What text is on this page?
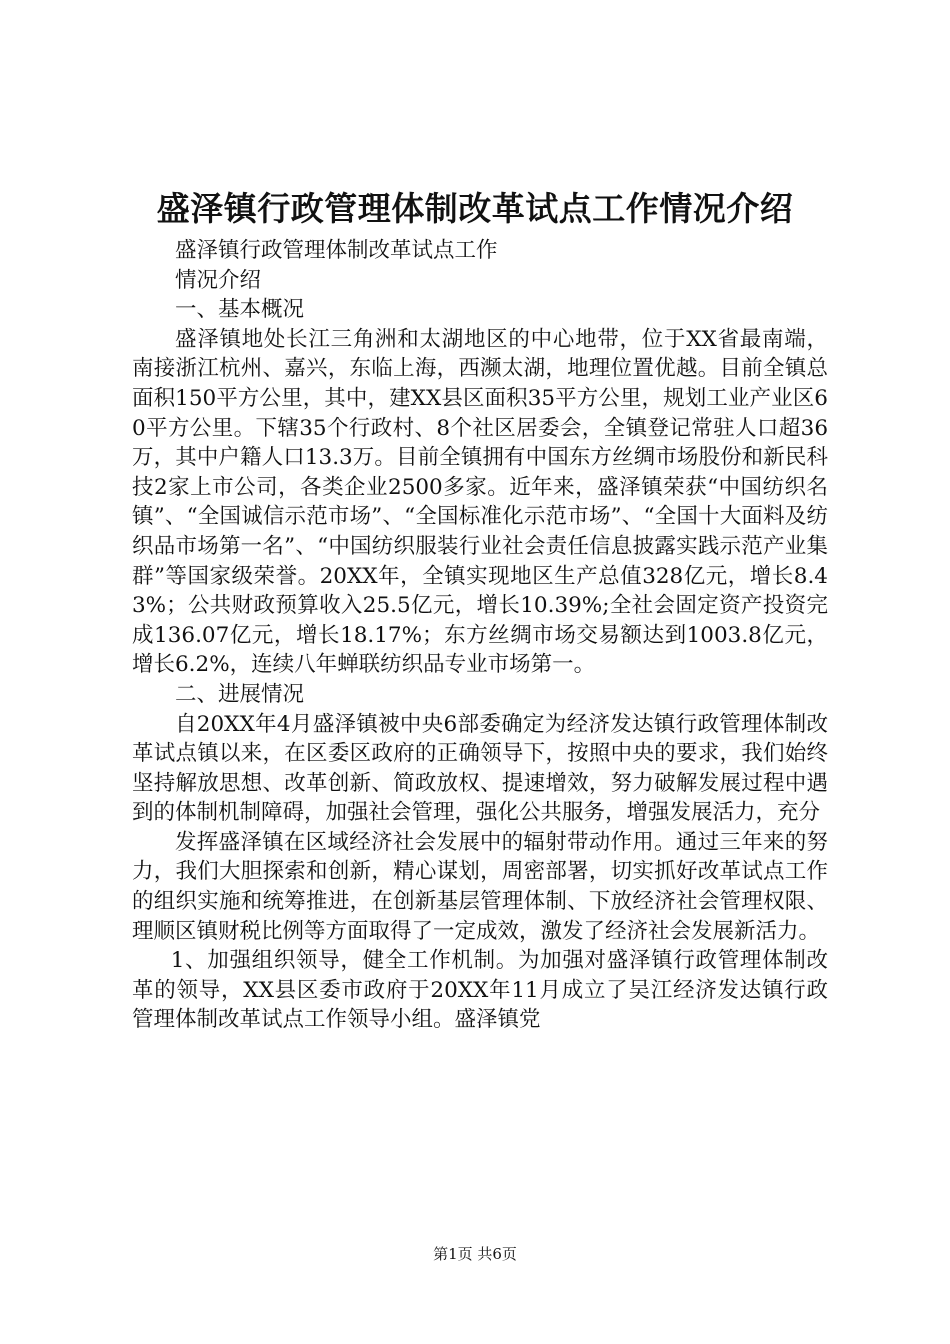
盛泽镇行政管理体制改革试点工作情况介绍

盛泽镇行政管理体制改革试点工作

情况介绍

一、基本概况

盛泽镇地处长江三角洲和太湖地区的中心地带，位于XX省最南端，南接浙江杭州、嘉兴，东临上海，西濒太湖，地理位置优越。目前全镇总面积150平方公里，其中，建XX县区面积35平方公里，规划工业产业区60平方公里。下辖35个行政村、8个社区居委会，全镇登记常驻人口超36万，其中户籍人口13.3万。目前全镇拥有中国东方丝绸市场股份和新民科技2家上市公司，各类企业2500多家。近年来，盛泽镇荣获“中国纺织名镇”、“全国诚信示范市场”、“全国标准化示范市场”、“全国十大面料及纺织品市场第一名”、“中国纺织服装行业社会责任信息披露实践示范产业集群”等国家级荣誉。20XX年，全镇实现地区生产总值328亿元，增长8.43%；公共财政预算收入25.5亿元，增长10.39%;全社会固定资产投资完成136.07亿元，增长18.17%；东方丝绸市场交易额达到1003.8亿元，增长6.2%，连续八年蝉联纺织品专业市场第一。

二、进展情况

自20XX年4月盛泽镇被中央6部委确定为经济发达镇行政管理体制改革试点镇以来，在区委区政府的正确领导下，按照中央的要求，我们始终坚持解放思想、改革创新、简政放权、提速增效，努力破解发展过程中遇到的体制机制障碍，加强社会管理，强化公共服务，增强发展活力，充分

发挥盛泽镇在区域经济社会发展中的辐射带动作用。通过三年来的努力，我们大胆探索和创新，精心谋划，周密部署，切实抓好改革试点工作的组织实施和统筹推进，在创新基层管理体制、下放经济社会管理权限、理顺区镇财税比例等方面取得了一定成效，激发了经济社会发展新活力。

1、加强组织领导，健全工作机制。为加强对盛泽镇行政管理体制改革的领导，XX县区委市政府于20XX年11月成立了吴江经济发达镇行政管理体制改革试点工作领导小组。盛泽镇党

第1页 共6页
